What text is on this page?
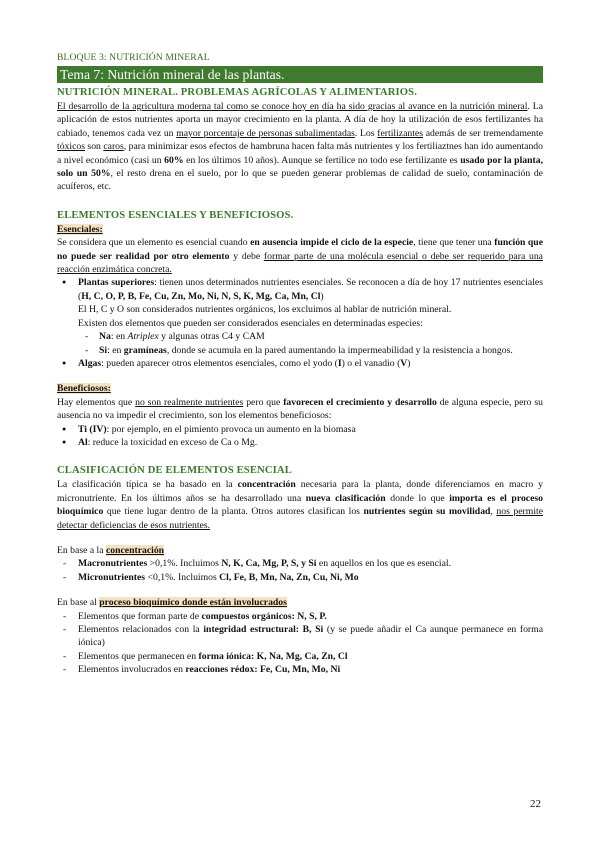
BLOQUE 3: NUTRICIÓN MINERAL
Tema 7: Nutrición mineral de las plantas.
NUTRICIÓN MINERAL. PROBLEMAS AGRÍCOLAS Y ALIMENTARIOS.

El desarrollo de la agricultura moderna tal como se conoce hoy en día ha sido gracias al avance en la nutrición mineral. La aplicación de estos nutrientes aporta un mayor crecimiento en la planta. A día de hoy la utilización de esos fertilizantes ha cabiado, tenemos cada vez un mayor porcentaje de personas subalimentadas. Los fertilizantes además de ser tremendamente tóxicos son caros, para minimizar esos efectos de hambruna hacen falta más nutrientes y los fertiliaztnes han ido aumentando a nivel económico (casi un 60% en los últimos 10 años). Aunque se fertilice no todo ese fertilizante es usado por la planta, solo un 50%, el resto drena en el suelo, por lo que se pueden generar problemas de calidad de suelo, contaminación de acuíferos, etc.

ELEMENTOS ESENCIALES Y BENEFICIOSOS.

Esenciales:

Se considera que un elemento es esencial cuando en ausencia impide el ciclo de la especie, tiene que tener una función que no puede ser realidad por otro elemento y debe formar parte de una molécula esencial o debe ser requerido para una reacción enzimática concreta.

● Plantas superiores: tienen unos determinados nutrientes esenciales. Se reconocen a día de hoy 17 nutrientes esenciales (H, C, O, P, B, Fe, Cu, Zn, Mo, Ni, N, S, K, Mg, Ca, Mn, Cl)
El H, C y O son considerados nutrientes orgánicos, los excluimos al hablar de nutrición mineral.
Existen dos elementos que pueden ser considerados esenciales en determinadas especies:
- Na: en Atriplex y algunas otras C4 y CAM
- Si: en gramíneas, donde se acumula en la pared aumentando la impermeabilidad y la resistencia a hongos.
● Algas: pueden aparecer otros elementos esenciales, como el yodo (I) o el vanadio (V)

Beneficiosos:

Hay elementos que no son realmente nutrientes pero que favorecen el crecimiento y desarrollo de alguna especie, pero su ausencia no va impedir el crecimiento, son los elementos beneficiosos:

● Ti (IV): por ejemplo, en el pimiento provoca un aumento en la biomasa
● Al: reduce la toxicidad en exceso de Ca o Mg.
CLASIFICACIÓN DE ELEMENTOS ESENCIAL

La clasificación típica se ha basado en la concentración necesaria para la planta, donde diferenciamos en macro y micronutriente. En los últimos años se ha desarrollado una nueva clasificación donde lo que importa es el proceso bioquímico que tiene lugar dentro de la planta. Otros autores clasifican los nutrientes según su movilidad, nos permite detectar deficiencias de esos nutrientes.

En base a la concentración

- Macronutrientes >0,1%. Incluimos N, K, Ca, Mg, P, S, y Si en aquellos en los que es esencial.
- Micronutrientes <0,1%. Incluimos Cl, Fe, B, Mn, Na, Zn, Cu, Ni, Mo

En base al proceso bioquímico donde están involucrados

- Elementos que forman parte de compuestos orgánicos: N, S, P.
- Elementos relacionados con la integridad estructural: B, Si (y se puede añadir el Ca aunque permanece en forma iónica)
- Elementos que permanecen en forma iónica: K, Na, Mg, Ca, Zn, Cl
- Elementos involucrados en reacciones rédox: Fe, Cu, Mn, Mo, Ni
22
